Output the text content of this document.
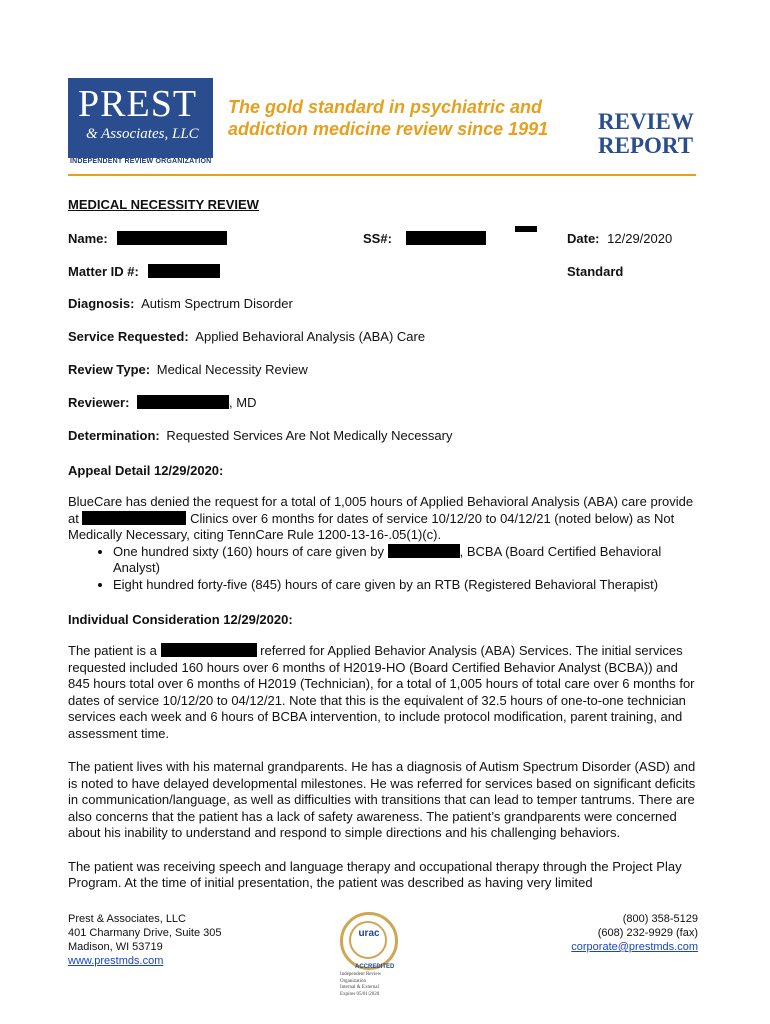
PREST
& Associates, LLC
INDEPENDENT REVIEW ORGANIZATION
The gold standard in psychiatric and
addiction medicine review since 1991 REVIEW
REPORT
MEDICAL NECESSITY REVIEW
Name:	SS#:	Date: 12/29/2020
Matter ID #:	Standard
Diagnosis: Autism Spectrum Disorder
Service Requested: Applied Behavioral Analysis (ABA) Care
Review Type: Medical Necessity Review
Reviewer:	, MD
Determination: Requested Services Are Not Medically Necessary
Appeal Detail 12/29/2020:

BlueCare has denied the request for a total of 1,005 hours of Applied Behavioral Analysis (ABA) care provide at	Clinics over 6 months for dates of service 10/12/20 to 04/12/21 (noted below) as Not Medically Necessary, citing TennCare Rule 1200-13-16-.05(1)(c).

• One hundred sixty (160) hours of care given by	, BCBA (Board Certified Behavioral Analyst)
• Eight hundred forty-five (845) hours of care given by an RTB (Registered Behavioral Therapist)
Individual Consideration 12/29/2020:

The patient is a	referred for Applied Behavior Analysis (ABA) Services. The initial services requested included 160 hours over 6 months of H2019-HO (Board Certified Behavior Analyst (BCBA)) and 845 hours total over 6 months of H2019 (Technician), for a total of 1,005 hours of total care over 6 months for dates of service 10/12/20 to 04/12/21. Note that this is the equivalent of 32.5 hours of one-to-one technician services each week and 6 hours of BCBA intervention, to include protocol modification, parent training, and assessment time.

The patient lives with his maternal grandparents. He has a diagnosis of Autism Spectrum Disorder (ASD) and is noted to have delayed developmental milestones. He was referred for services based on significant deficits in communication/language, as well as difficulties with transitions that can lead to temper tantrums. There are also concerns that the patient has a lack of safety awareness. The patient’s grandparents were concerned about his inability to understand and respond to simple directions and his challenging behaviors.

The patient was receiving speech and language therapy and occupational therapy through the Project Play Program. At the time of initial presentation, the patient was described as having very limited

Prest & Associates, LLC
401 Charmany Drive, Suite 305
Madison, WI 53719
www.prestmds.com
urac
ACCREDITED
Independent Review
Organization
Internal & External
Expires 05/01/2020
(800) 358-5129
(608) 232-9929 (fax)
corporate@prestmds.com
